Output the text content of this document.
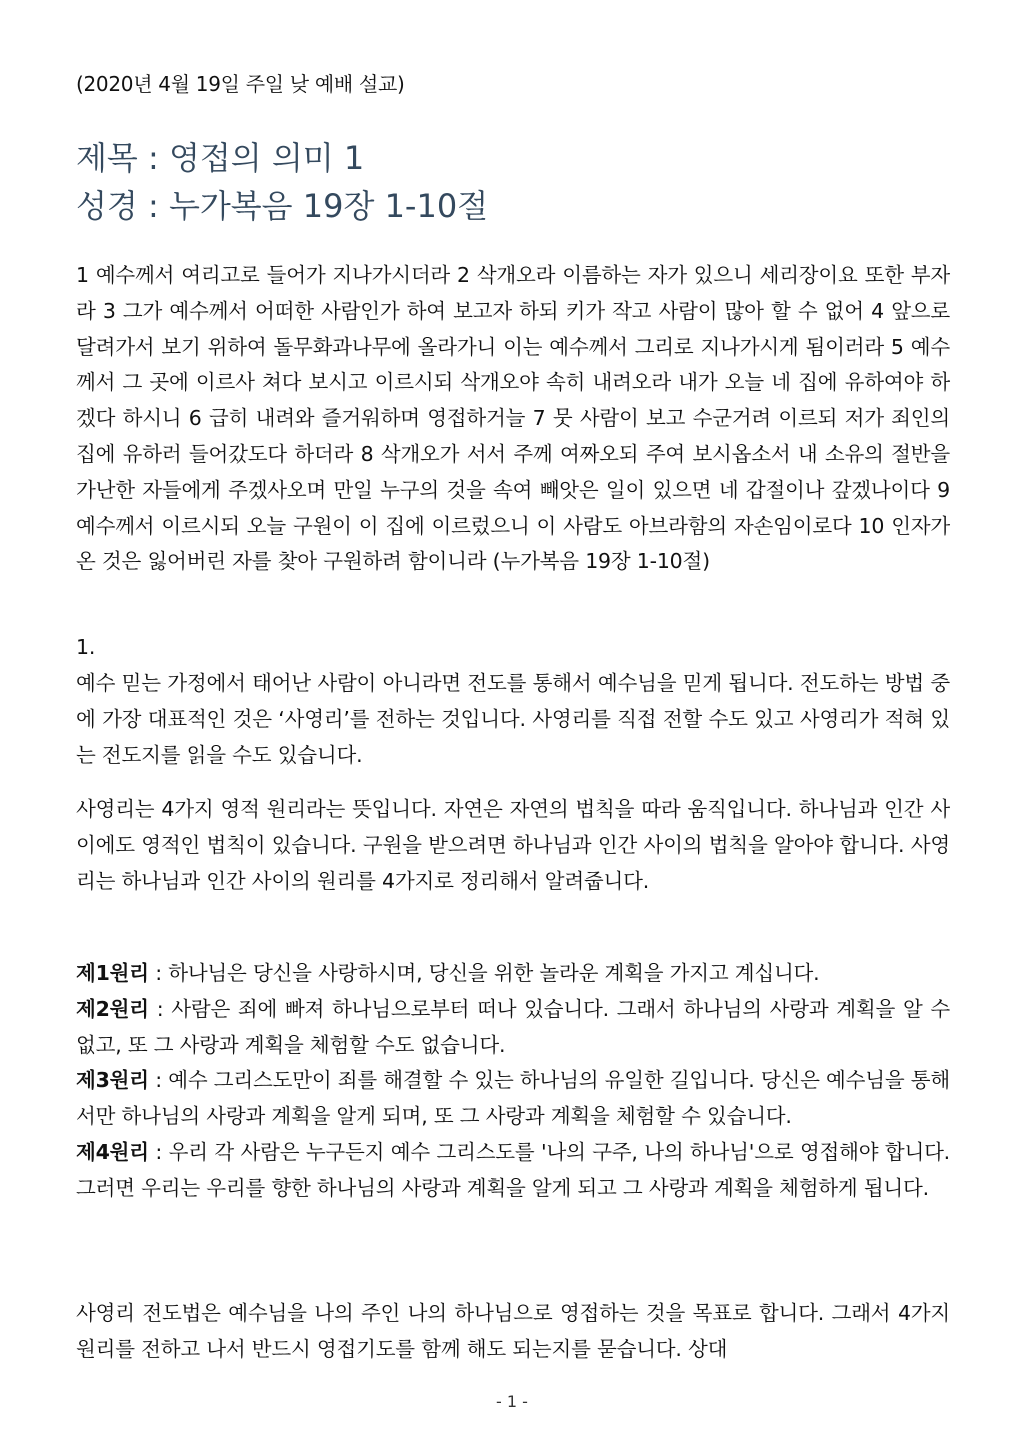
(2020년 4월 19일 주일 낮 예배 설교)
제목 : 영접의 의미 1
성경 : 누가복음 19장 1-10절
1 예수께서 여리고로 들어가 지나가시더라 2 삭개오라 이름하는 자가 있으니 세리장이요 또한 부자라 3 그가 예수께서 어떠한 사람인가 하여 보고자 하되 키가 작고 사람이 많아 할 수 없어 4 앞으로 달려가서 보기 위하여 돌무화과나무에 올라가니 이는 예수께서 그리로 지나가시게 됨이러라 5 예수께서 그 곳에 이르사 쳐다 보시고 이르시되 삭개오야 속히 내려오라 내가 오늘 네 집에 유하여야 하겠다 하시니 6 급히 내려와 즐거워하며 영접하거늘 7 뭇 사람이 보고 수군거려 이르되 저가 죄인의 집에 유하러 들어갔도다 하더라 8 삭개오가 서서 주께 여짜오되 주여 보시옵소서 내 소유의 절반을 가난한 자들에게 주겠사오며 만일 누구의 것을 속여 빼앗은 일이 있으면 네 갑절이나 갚겠나이다 9 예수께서 이르시되 오늘 구원이 이 집에 이르렀으니 이 사람도 아브라함의 자손임이로다 10 인자가 온 것은 잃어버린 자를 찾아 구원하려 함이니라 (누가복음 19장 1-10절)
1.
예수 믿는 가정에서 태어난 사람이 아니라면 전도를 통해서 예수님을 믿게 됩니다. 전도하는 방법 중에 가장 대표적인 것은 ‘사영리’를 전하는 것입니다. 사영리를 직접 전할 수도 있고 사영리가 적혀 있는 전도지를 읽을 수도 있습니다.
사영리는 4가지 영적 원리라는 뜻입니다. 자연은 자연의 법칙을 따라 움직입니다. 하나님과 인간 사이에도 영적인 법칙이 있습니다. 구원을 받으려면 하나님과 인간 사이의 법칙을 알아야 합니다. 사영리는 하나님과 인간 사이의 원리를 4가지로 정리해서 알려줍니다.
제1원리 : 하나님은 당신을 사랑하시며, 당신을 위한 놀라운 계획을 가지고 계십니다.
제2원리 : 사람은 죄에 빠져 하나님으로부터 떠나 있습니다. 그래서 하나님의 사랑과 계획을 알 수 없고, 또 그 사랑과 계획을 체험할 수도 없습니다.
제3원리 : 예수 그리스도만이 죄를 해결할 수 있는 하나님의 유일한 길입니다. 당신은 예수님을 통해서만 하나님의 사랑과 계획을 알게 되며, 또 그 사랑과 계획을 체험할 수 있습니다.
제4원리 : 우리 각 사람은 누구든지 예수 그리스도를 '나의 구주, 나의 하나님'으로 영접해야 합니다. 그러면 우리는 우리를 향한 하나님의 사랑과 계획을 알게 되고 그 사랑과 계획을 체험하게 됩니다.
사영리 전도법은 예수님을 나의 주인 나의 하나님으로 영접하는 것을 목표로 합니다. 그래서 4가지 원리를 전하고 나서 반드시 영접기도를 함께 해도 되는지를 묻습니다. 상대
- 1 -
